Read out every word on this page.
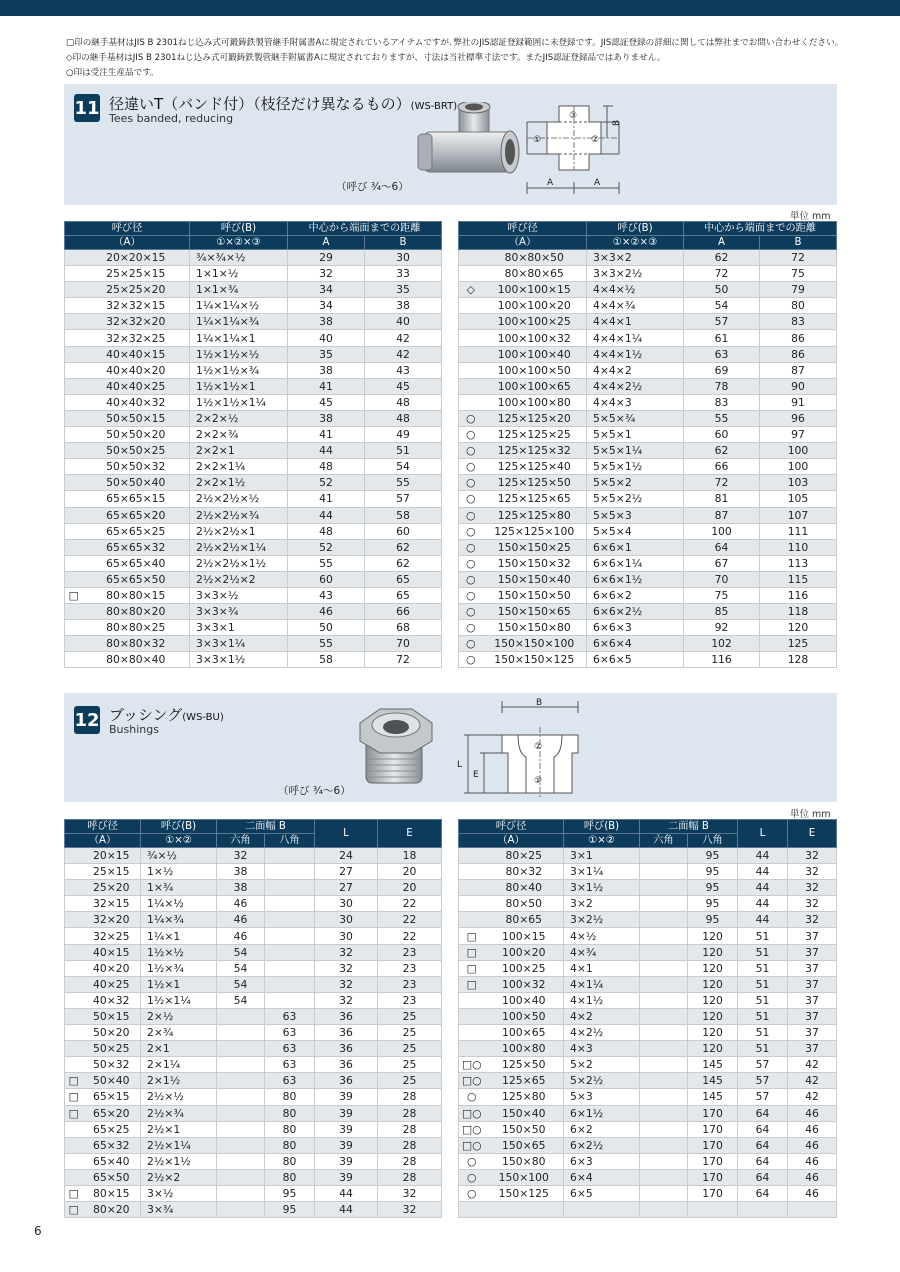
□印の継手基材はJIS B 2301ねじ込み式可鍛鋳鉄製管継手附属書Aに規定されているアイテムですが､弊社のJIS認証登録範囲に未登録です。JIS認証登録の詳細に関しては弊社までお問い合わせください。
◇印の継手基材はJIS B 2301ねじ込み式可鍛鋳鉄製管継手附属書Aに規定されておりますが、寸法は当社標準寸法です。またJIS認証登録品ではありません。
○印は受注生産品です。
11 径違いT（バンド付）（枝径だけ異なるもの）(WS-BRT)
Tees banded, reducing
（呼び ¾〜6）
③
①	②
A	A
B
単位 mm
呼び径		呼び(B)	中心から端面までの距離	
（A）		①×②×③	A	B
	20×20×15	¾×¾×½	29	30
	25×25×15	1×1×½	32	33
	25×25×20	1×1×¾	34	35
	32×32×15	1¼×1¼×½	34	38
	32×32×20	1¼×1¼×¾	38	40
	32×32×25	1¼×1¼×1	40	42
	40×40×15	1½×1½×½	35	42
	40×40×20	1½×1½×¾	38	43
	40×40×25	1½×1½×1	41	45
	40×40×32	1½×1½×1¼	45	48
	50×50×15	2×2×½	38	48
	50×50×20	2×2×¾	41	49
	50×50×25	2×2×1	44	51
	50×50×32	2×2×1¼	48	54
	50×50×40	2×2×1½	52	55
	65×65×15	2½×2½×½	41	57
	65×65×20	2½×2½×¾	44	58
	65×65×25	2½×2½×1	48	60
	65×65×32	2½×2½×1¼	52	62
	65×65×40	2½×2½×1½	55	62
	65×65×50	2½×2½×2	60	65
□	80×80×15	3×3×½	43	65
	80×80×20	3×3×¾	46	66
	80×80×25	3×3×1	50	68
	80×80×32	3×3×1¼	55	70
	80×80×40	3×3×1½	58	72
呼び径		呼び(B)	中心から端面までの距離	
（A）		①×②×③	A	B
	80×80×50	3×3×2	62	72
	80×80×65	3×3×2½	72	75
◇	100×100×15	4×4×½	50	79
	100×100×20	4×4×¾	54	80
	100×100×25	4×4×1	57	83
	100×100×32	4×4×1¼	61	86
	100×100×40	4×4×1½	63	86
	100×100×50	4×4×2	69	87
	100×100×65	4×4×2½	78	90
	100×100×80	4×4×3	83	91
○	125×125×20	5×5×¾	55	96
○	125×125×25	5×5×1	60	97
○	125×125×32	5×5×1¼	62	100
○	125×125×40	5×5×1½	66	100
○	125×125×50	5×5×2	72	103
○	125×125×65	5×5×2½	81	105
○	125×125×80	5×5×3	87	107
○	125×125×100	5×5×4	100	111
○	150×150×25	6×6×1	64	110
○	150×150×32	6×6×1¼	67	113
○	150×150×40	6×6×1½	70	115
○	150×150×50	6×6×2	75	116
○	150×150×65	6×6×2½	85	118
○	150×150×80	6×6×3	92	120
○	150×150×100	6×6×4	102	125
○	150×150×125	6×6×5	116	128
12 ブッシング(WS-BU)
Bushings
（呼び ¾〜6）
B
②
①
L
E
単位 mm
呼び径		呼び(B)	二面幅 B		L	E
（A）		①×②	六角	八角		
	20×15	¾×½	32		24	18
	25×15	1×½	38		27	20
	25×20	1×¾	38		27	20
	32×15	1¼×½	46		30	22
	32×20	1¼×¾	46		30	22
	32×25	1¼×1	46		30	22
	40×15	1½×½	54		32	23
	40×20	1½×¾	54		32	23
	40×25	1½×1	54		32	23
	40×32	1½×1¼	54		32	23
	50×15	2×½		63	36	25
	50×20	2×¾		63	36	25
	50×25	2×1		63	36	25
	50×32	2×1¼		63	36	25
□	50×40	2×1½		63	36	25
□	65×15	2½×½		80	39	28
□	65×20	2½×¾		80	39	28
	65×25	2½×1		80	39	28
	65×32	2½×1¼		80	39	28
	65×40	2½×1½		80	39	28
	65×50	2½×2		80	39	28
□	80×15	3×½		95	44	32
□	80×20	3×¾		95	44	32
呼び径		呼び(B)	二面幅 B		L	E
（A）		①×②	六角	八角		
	80×25	3×1		95	44	32
	80×32	3×1¼		95	44	32
	80×40	3×1½		95	44	32
	80×50	3×2		95	44	32
	80×65	3×2½		95	44	32
□	100×15	4×½		120	51	37
□	100×20	4×¾		120	51	37
□	100×25	4×1		120	51	37
□	100×32	4×1¼		120	51	37
	100×40	4×1½		120	51	37
	100×50	4×2		120	51	37
	100×65	4×2½		120	51	37
	100×80	4×3		120	51	37
□○	125×50	5×2		145	57	42
□○	125×65	5×2½		145	57	42
○	125×80	5×3		145	57	42
□○	150×40	6×1½		170	64	46
□○	150×50	6×2		170	64	46
□○	150×65	6×2½		170	64	46
○	150×80	6×3		170	64	46
○	150×100	6×4		170	64	46
○	150×125	6×5		170	64	46

6
